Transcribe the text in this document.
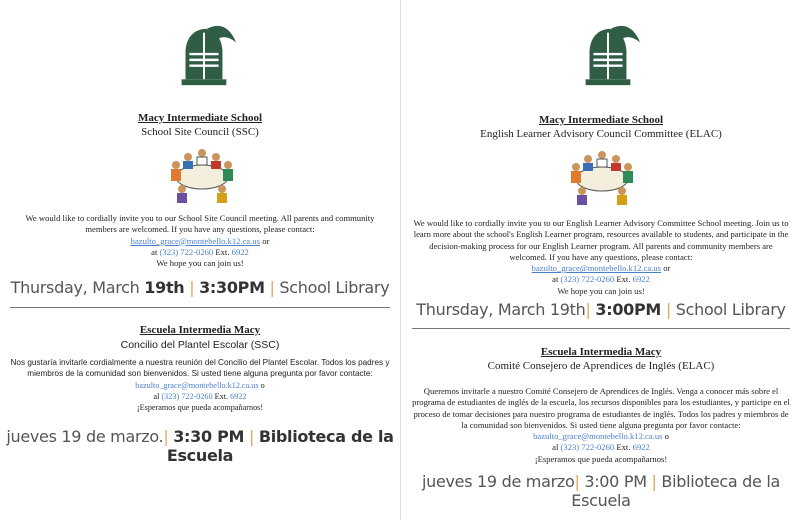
Macy Intermediate School
School Site Council (SSC)
We would like to cordially invite you to our School Site Council meeting. All parents and community members are welcomed. If you have any questions, please contact:
bazulto_grace@montebello.k12.ca.us or
at (323) 722-0260 Ext. 6922
We hope you can join us!
Thursday, March 19th | 3:30PM | School Library
Escuela Intermedia Macy
Concilio del Plantel Escolar (SSC)
Nos gustaría invitarle cordialmente a nuestra reunión del Concilio del Plantel Escolar. Todos los padres y miembros de la comunidad son bienvenidos. Si usted tiene alguna pregunta por favor contacte:
bazulto_grace@montebello.k12.ca.us o
al (323) 722-0260 Ext. 6922
¡Esperamos que pueda acompañarnos!
jueves 19 de marzo.| 3:30 PM | Biblioteca de la Escuela
Macy Intermediate School
English Learner Advisory Council Committee (ELAC)
We would like to cordially invite you to our English Learner Advisory Committee School meeting. Join us to learn more about the school's English Learner program, resources available to students, and participate in the decision-making process for our English Learner program. All parents and community members are welcomed. If you have any questions, please contact:
bazulto_grace@montebello.k12.ca.us or
at (323) 722-0260 Ext. 6922
We hope you can join us!
Thursday, March 19th| 3:00PM | School Library
Escuela Intermedia Macy
Comité Consejero de Aprendices de Inglés (ELAC)
Queremos invitarle a nuestro Comité Consejero de Aprendices de Inglés. Venga a conocer más sobre el programa de estudiantes de inglés de la escuela, los recursos disponibles para los estudiantes, y participe en el proceso de tomar decisiones para nuestro programa de estudiantes de inglés. Todos los padres y miembros de la comunidad son bienvenidos. Si usted tiene alguna pregunta por favor contacte:
bazulto_grace@montebello.k12.ca.us o
al (323) 722-0260 Ext. 6922
¡Esperamos que pueda acompañarnos!
jueves 19 de marzo| 3:00 PM | Biblioteca de la Escuela
